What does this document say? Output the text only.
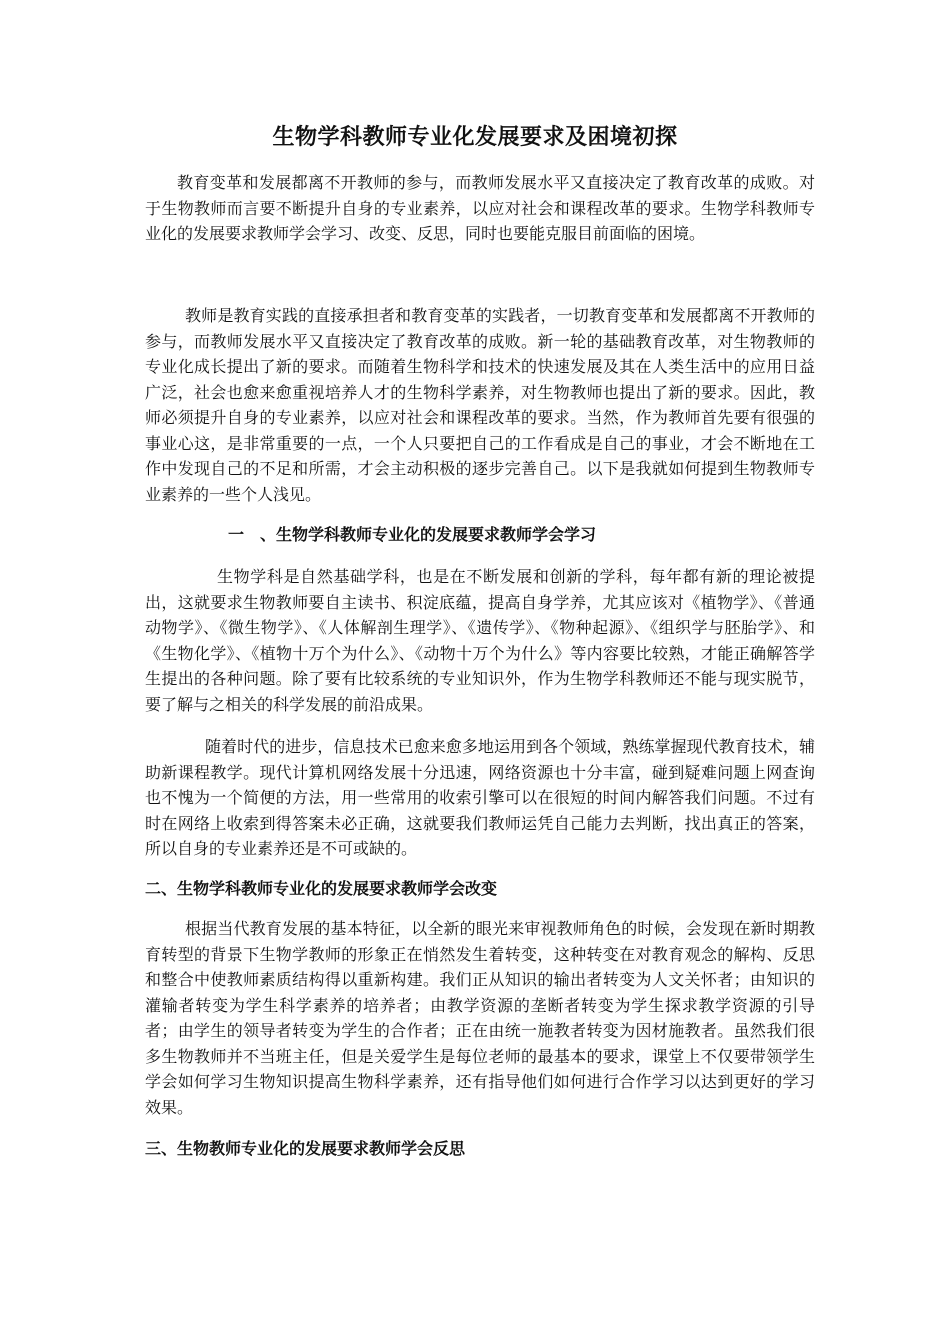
生物学科教师专业化发展要求及困境初探
教育变革和发展都离不开教师的参与，而教师发展水平又直接决定了教育改革的成败。对于生物教师而言要不断提升自身的专业素养，以应对社会和课程改革的要求。生物学科教师专业化的发展要求教师学会学习、改变、反思，同时也要能克服目前面临的困境。
教师是教育实践的直接承担者和教育变革的实践者，一切教育变革和发展都离不开教师的参与，而教师发展水平又直接决定了教育改革的成败。新一轮的基础教育改革，对生物教师的专业化成长提出了新的要求。而随着生物科学和技术的快速发展及其在人类生活中的应用日益广泛，社会也愈来愈重视培养人才的生物科学素养，对生物教师也提出了新的要求。因此，教师必须提升自身的专业素养，以应对社会和课程改革的要求。当然，作为教师首先要有很强的事业心这，是非常重要的一点，一个人只要把自己的工作看成是自己的事业，才会不断地在工作中发现自己的不足和所需，才会主动积极的逐步完善自己。以下是我就如何提到生物教师专业素养的一些个人浅见。
一　、生物学科教师专业化的发展要求教师学会学习
生物学科是自然基础学科，也是在不断发展和创新的学科，每年都有新的理论被提出，这就要求生物教师要自主读书、积淀底蕴，提高自身学养，尤其应该对《植物学》、《普通动物学》、《微生物学》、《人体解剖生理学》、《遗传学》、《物种起源》、《组织学与胚胎学》、和《生物化学》、《植物十万个为什么》、《动物十万个为什么》等内容要比较熟，才能正确解答学生提出的各种问题。除了要有比较系统的专业知识外，作为生物学科教师还不能与现实脱节，要了解与之相关的科学发展的前沿成果。
随着时代的进步，信息技术已愈来愈多地运用到各个领域，熟练掌握现代教育技术，辅助新课程教学。现代计算机网络发展十分迅速，网络资源也十分丰富，碰到疑难问题上网查询也不愧为一个简便的方法，用一些常用的收索引擎可以在很短的时间内解答我们问题。不过有时在网络上收索到得答案未必正确，这就要我们教师运凭自己能力去判断，找出真正的答案，所以自身的专业素养还是不可或缺的。
二、生物学科教师专业化的发展要求教师学会改变
根据当代教育发展的基本特征，以全新的眼光来审视教师角色的时候，会发现在新时期教育转型的背景下生物学教师的形象正在悄然发生着转变，这种转变在对教育观念的解构、反思和整合中使教师素质结构得以重新构建。我们正从知识的输出者转变为人文关怀者；由知识的灌输者转变为学生科学素养的培养者；由教学资源的垄断者转变为学生探求教学资源的引导者；由学生的领导者转变为学生的合作者；正在由统一施教者转变为因材施教者。虽然我们很多生物教师并不当班主任，但是关爱学生是每位老师的最基本的要求，课堂上不仅要带领学生学会如何学习生物知识提高生物科学素养，还有指导他们如何进行合作学习以达到更好的学习效果。
三、生物教师专业化的发展要求教师学会反思
